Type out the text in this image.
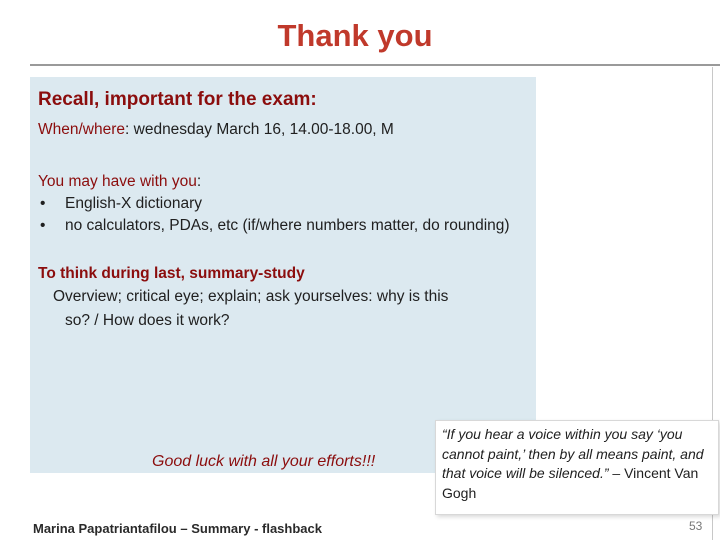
Thank you
Recall, important for the exam:
When/where: wednesday March 16, 14.00-18.00, M
You may have with you:
• English-X dictionary
• no calculators, PDAs, etc (if/where numbers matter, do rounding)
To think during last, summary-study
Overview; critical eye; explain; ask yourselves: why is this
so? / How does it work?
Good luck with all your efforts!!!
“If you hear a voice within you say ‘you cannot paint,’ then by all means paint, and that voice will be silenced.” – Vincent Van Gogh
Marina Papatriantafilou – Summary - flashback	53
